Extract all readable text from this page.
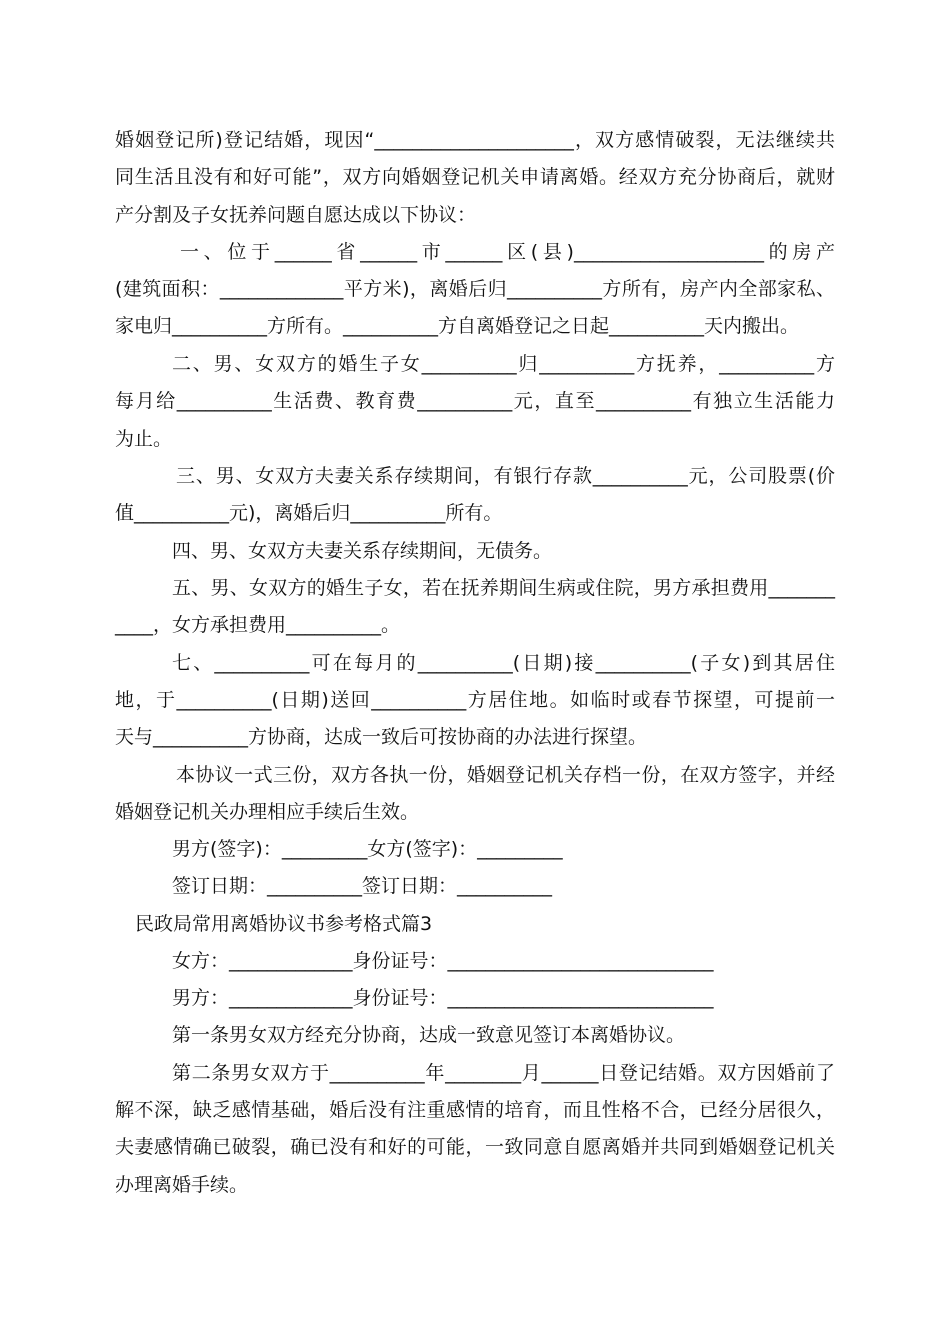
婚姻登记所)登记结婚，现因“_____________________，双方感情破裂，无法继续共
同生活且没有和好可能”，双方向婚姻登记机关申请离婚。经双方充分协商后，就财
产分割及子女抚养问题自愿达成以下协议：
一、位于______省______市______区(县)____________________的房产
(建筑面积：_____________平方米)，离婚后归__________方所有，房产内全部家私、
家电归__________方所有。__________方自离婚登记之日起__________天内搬出。
二、男、女双方的婚生子女__________归__________方抚养，__________方
每月给__________生活费、教育费__________元，直至__________有独立生活能力
为止。
三、男、女双方夫妻关系存续期间，有银行存款__________元，公司股票(价
值__________元)，离婚后归__________所有。
四、男、女双方夫妻关系存续期间，无债务。
五、男、女双方的婚生子女，若在抚养期间生病或住院，男方承担费用_______
____，女方承担费用__________。
七、__________可在每月的__________(日期)接__________(子女)到其居住
地，于__________(日期)送回__________方居住地。如临时或春节探望，可提前一
天与__________方协商，达成一致后可按协商的办法进行探望。
本协议一式三份，双方各执一份，婚姻登记机关存档一份，在双方签字，并经
婚姻登记机关办理相应手续后生效。
男方(签字)：_________女方(签字)：_________
签订日期：__________签订日期：__________
民政局常用离婚协议书参考格式篇3
女方：_____________身份证号：____________________________
男方：_____________身份证号：____________________________
第一条男女双方经充分协商，达成一致意见签订本离婚协议。
第二条男女双方于__________年________月______日登记结婚。双方因婚前了
解不深，缺乏感情基础，婚后没有注重感情的培育，而且性格不合，已经分居很久，
夫妻感情确已破裂，确已没有和好的可能，一致同意自愿离婚并共同到婚姻登记机关
办理离婚手续。
